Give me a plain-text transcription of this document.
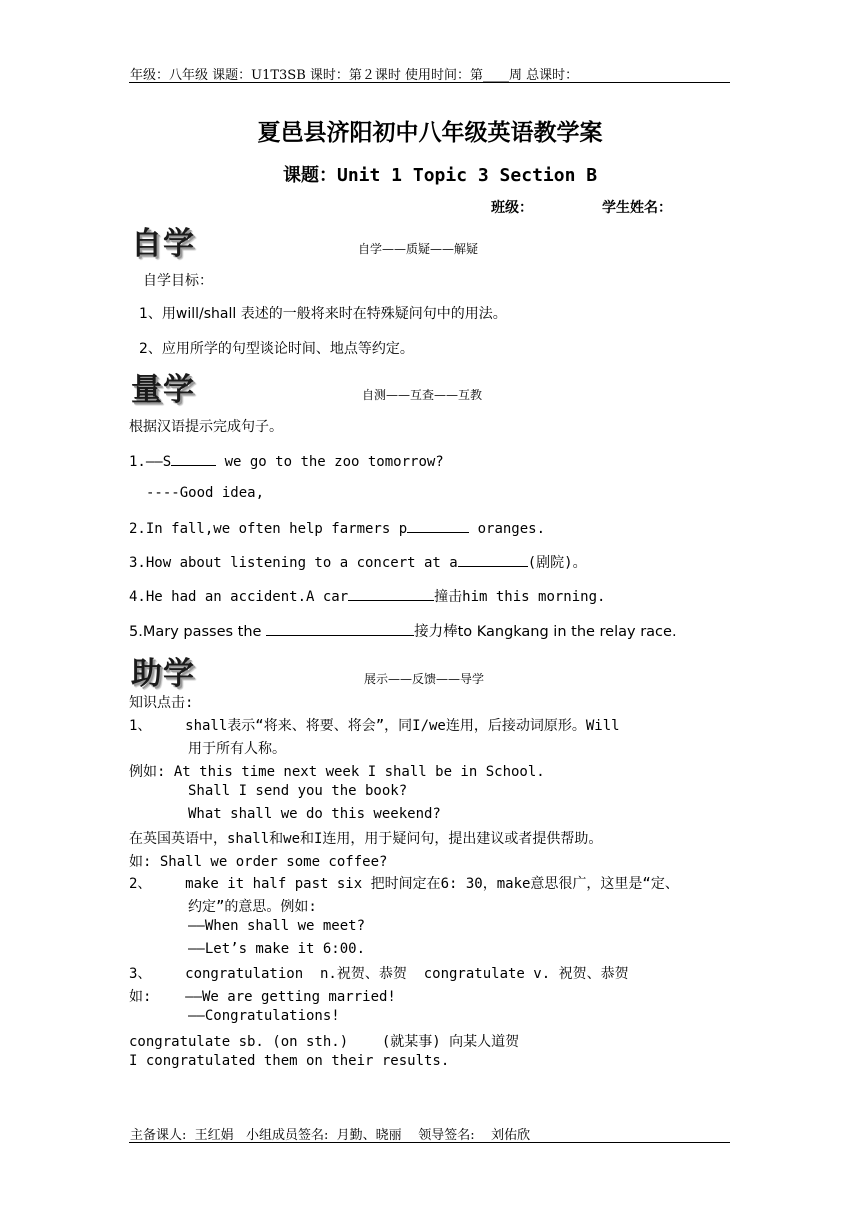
年级：八年级 课题：U1T3SB 课时：第２课时 使用时间：第____周 总课时：
夏邑县济阳初中八年级英语教学案
课题：Unit 1 Topic 3 Section B
班级：	学生姓名：
自学	自学——质疑——解疑
自学目标：
1、用will/shall 表述的一般将来时在特殊疑问句中的用法。
2、应用所学的句型谈论时间、地点等约定。
量学	自测——互查——互教
根据汉语提示完成句子。
1.——S	we go to the zoo tomorrow?
----Good idea,
2.In fall,we often help farmers p	oranges.
3.How about listening to a concert at a	(剧院)。
4.He had an accident.A car	撞击him this morning.
5.Mary passes the	接力棒to Kangkang in the relay race.
助学	展示——反馈——导学
知识点击:
1、    shall表示“将来、将要、将会”，同I/we连用，后接动词原形。Will
用于所有人称。
例如: At this time next week I shall be in School.
Shall I send you the book?
What shall we do this weekend?
在英国英语中，shall和we和I连用，用于疑问句，提出建议或者提供帮助。
如: Shall we order some coffee?
2、    make it half past six 把时间定在6: 30，make意思很广，这里是“定、
约定”的意思。例如:
——When shall we meet?
——Let’s make it 6:00.
3、    congratulation  n.祝贺、恭贺  congratulate v. 祝贺、恭贺
如:    ——We are getting married!
——Congratulations!
congratulate sb. (on sth.)    (就某事) 向某人道贺
I congratulated them on their results.
主备课人:  王红娟   小组成员签名:  月勤、晓丽    领导签名:    刘佑欣
